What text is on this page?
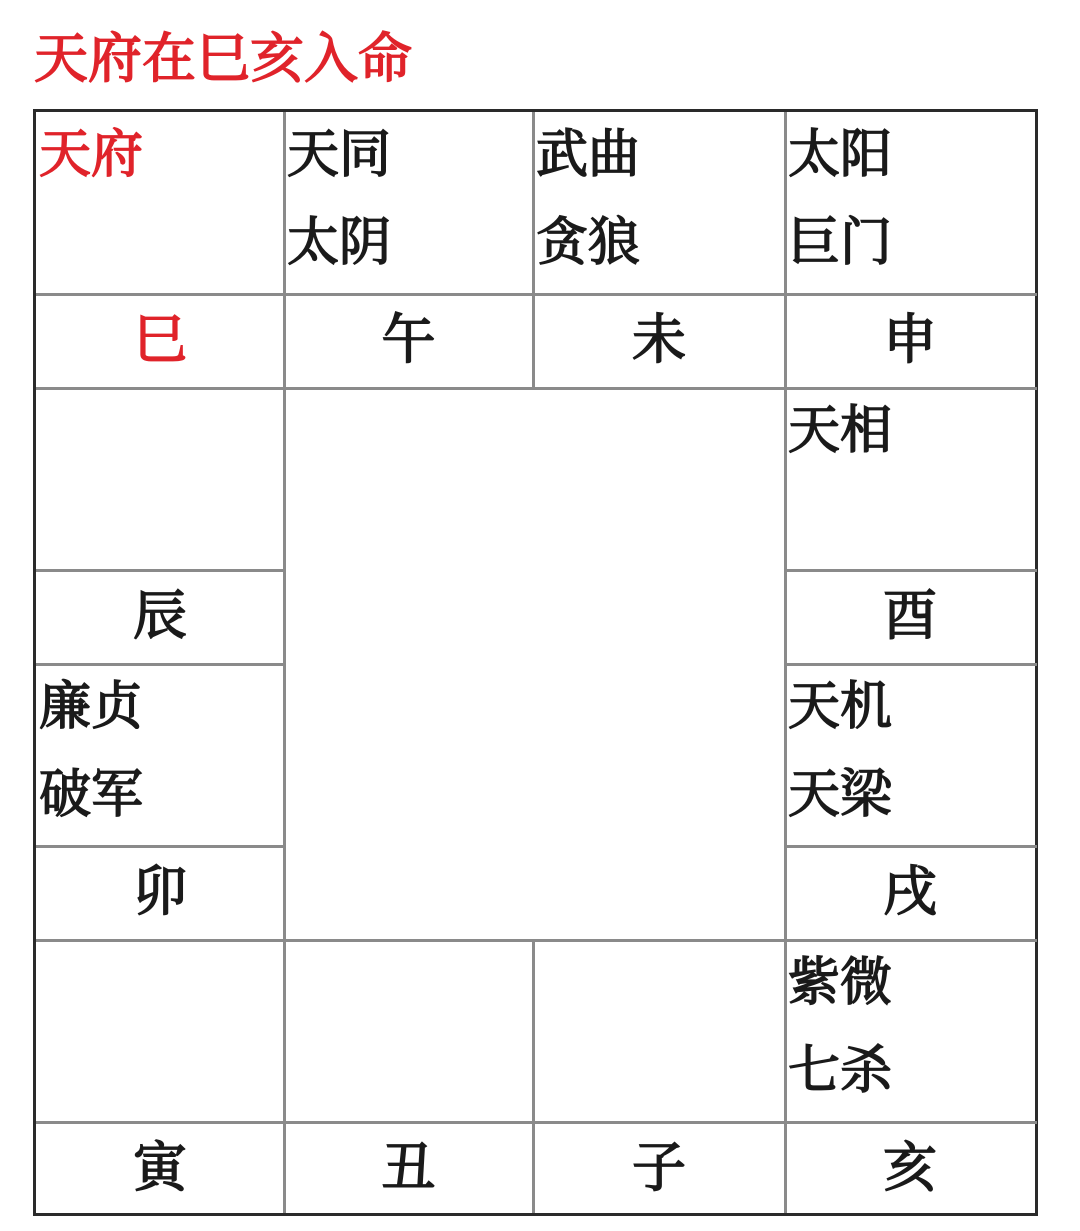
天府在巳亥入命
天府
巳
天同
太阴
午
武曲
贪狼
未
太阳
巨门
申
辰
天相
酉
廉贞
破军
卯
天机
天梁
戌
寅	丑	子
紫微
七杀
亥
